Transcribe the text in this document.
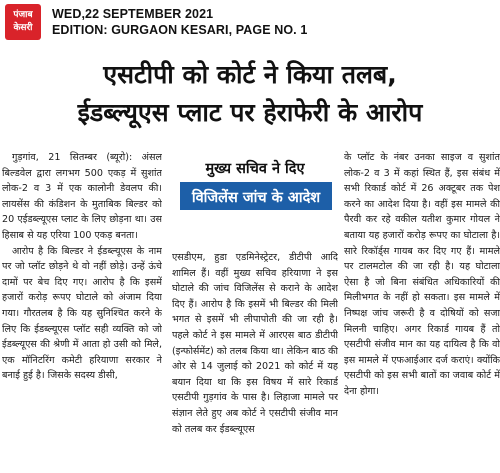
पंजाब
केसरी
WED,22 SEPTEMBER 2021
EDITION: GURGAON KESARI, PAGE NO. 1
एसटीपी को कोर्ट ने किया तलब,
ईडब्ल्यूएस प्लाट पर हेराफेरी के आरोप

गुड़गांव, 21 सितम्बर (ब्यूरो): अंसल बिल्डवेल द्वारा लगभग 500 एकड़ में सुशांत लोक-2 व 3 में एक कालोनी डेवलप की। लायसेंस की कंडिशन के मुताबिक बिल्डर को 20 एईडब्ल्यूएस प्लाट के लिए छोड़ना था। उस हिसाब से यह एरिया 100 एकड़ बनता।

आरोप है कि बिल्डर ने ईडब्ल्यूएस के नाम पर जो प्लॉट छोड़ने थे वो नहीं छोड़े। उन्हें ऊंचे दामों पर बेच दिए गए। आरोप है कि इसमें हजारों करोड़ रूपए घोटाले को अंजाम दिया गया। गौरतलब है कि यह सुनिश्चित करने के लिए कि ईडब्ल्यूएस प्लॉट सही व्यक्ति को जो ईडब्ल्यूएस की श्रेणी में आता हो उसी को मिले, एक मॉनिटरिंग कमेटी हरियाणा सरकार ने बनाई हुई है। जिसके सदस्य डीसी,

मुख्य सचिव ने दिए
विजिलेंस जांच के आदेश

एसडीएम, हुडा एडमिनेस्ट्रेटर, डीटीपी आदि शामिल हैं। वहीं मुख्य सचिव हरियाणा ने इस घोटाले की जांच विजिलेंस से कराने के आदेश दिए हैं। आरोप है कि इसमें भी बिल्डर की मिली भगत से इसमें भी लीपापोती की जा रही है। पहले कोर्ट ने इस मामले में आरएस बाठ डीटीपी (इन्फोर्समेंट) को तलब किया था। लेकिन बाठ की ओर से 14 जुलाई को 2021 को कोर्ट में यह बयान दिया था कि इस विषय में सारे रिकार्ड एसटीपी गुड़गांव के पास है। लिहाजा मामले पर संज्ञान लेते हुए अब कोर्ट ने एसटीपी संजीव मान को तलब कर ईडब्ल्यूएस

के प्लॉट के नंबर उनका साइज व सुशांत लोक-2 व 3 में कहां स्थित हैं, इस संबंध में सभी रिकार्ड कोर्ट में 26 अक्टूबर तक पेश करने का आदेश दिया है। वहीं इस मामले की पैरवी कर रहे वकील यतीश कुमार गोयल ने बताया यह हजारों करोड़ रूपए का घोटाला है। सारे रिकॉर्ड्स गायब कर दिए गए हैं। मामले पर टालमटोल की जा रही है। यह घोटाला ऐसा है जो बिना संबंधित अधिकारियों की मिलीभगत के नहीं हो सकता। इस मामले में निष्पक्ष जांच जरूरी है व दोषियों को सजा मिलनी चाहिए। अगर रिकार्ड गायब हैं तो एसटीपी संजीव मान का यह दायित्व है कि वो इस मामले में एफआईआर दर्ज कराएं। क्योंकि एसटीपी को इस सभी बातों का जवाब कोर्ट में देना होगा।
